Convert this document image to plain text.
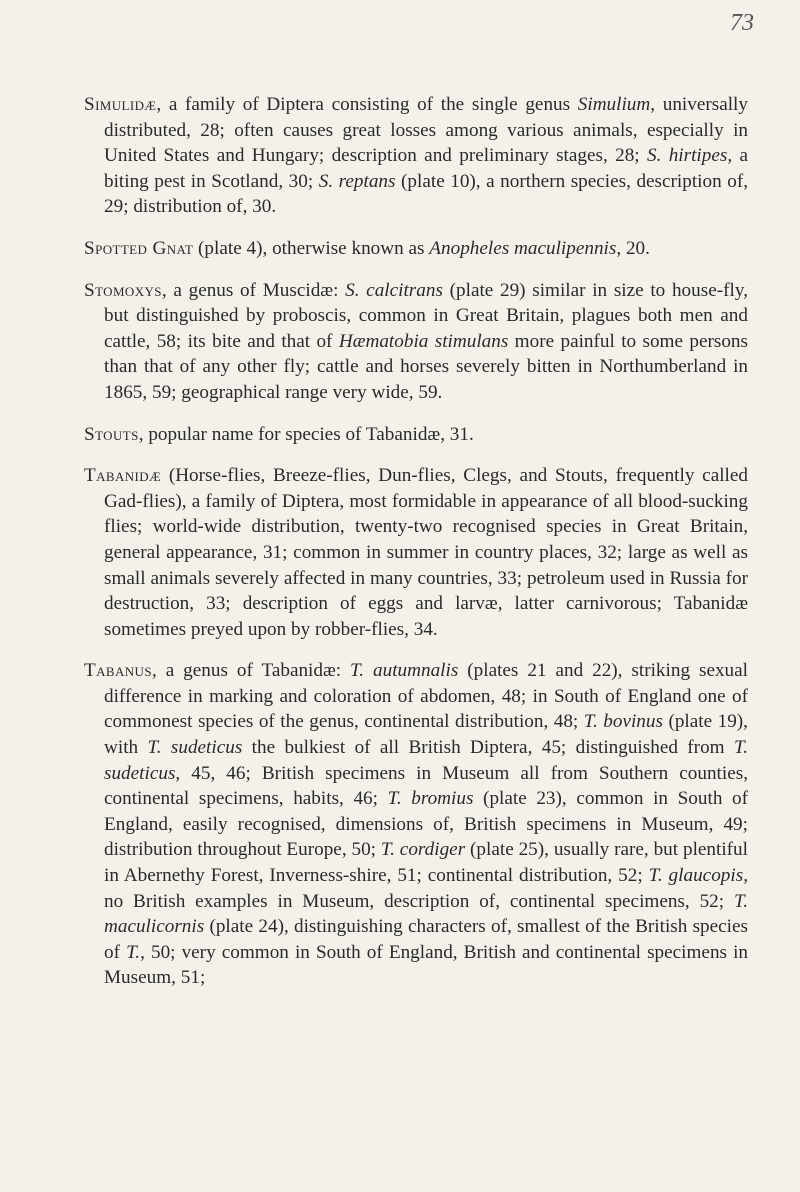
73

Simulidæ, a family of Diptera consisting of the single genus Simulium, universally distributed, 28; often causes great losses among various animals, especially in United States and Hungary; description and preliminary stages, 28; S. hirtipes, a biting pest in Scotland, 30; S. reptans (plate 10), a northern species, description of, 29; distribution of, 30.

Spotted Gnat (plate 4), otherwise known as Anopheles maculipennis, 20.

Stomoxys, a genus of Muscidæ: S. calcitrans (plate 29) similar in size to house-fly, but distinguished by proboscis, common in Great Britain, plagues both men and cattle, 58; its bite and that of Hæmatobia stimulans more painful to some persons than that of any other fly; cattle and horses severely bitten in Northumberland in 1865, 59; geographical range very wide, 59.

Stouts, popular name for species of Tabanidæ, 31.

Tabanidæ (Horse-flies, Breeze-flies, Dun-flies, Clegs, and Stouts, frequently called Gad-flies), a family of Diptera, most formidable in appearance of all blood-sucking flies; world-wide distribution, twenty-two recognised species in Great Britain, general appearance, 31; common in summer in country places, 32; large as well as small animals severely affected in many countries, 33; petroleum used in Russia for destruction, 33; description of eggs and larvæ, latter carnivorous; Tabanidæ sometimes preyed upon by robber-flies, 34.

Tabanus, a genus of Tabanidæ: T. autumnalis (plates 21 and 22), striking sexual difference in marking and coloration of abdomen, 48; in South of England one of commonest species of the genus, continental distribution, 48; T. bovinus (plate 19), with T. sudeticus the bulkiest of all British Diptera, 45; distinguished from T. sudeticus, 45, 46; British specimens in Museum all from Southern counties, continental specimens, habits, 46; T. bromius (plate 23), common in South of England, easily recognised, dimensions of, British specimens in Museum, 49; distribution throughout Europe, 50; T. cordiger (plate 25), usually rare, but plentiful in Abernethy Forest, Inverness-shire, 51; continental distribution, 52; T. glaucopis, no British examples in Museum, description of, continental specimens, 52; T. maculicornis (plate 24), distinguishing characters of, smallest of the British species of T., 50; very common in South of England, British and continental specimens in Museum, 51;
